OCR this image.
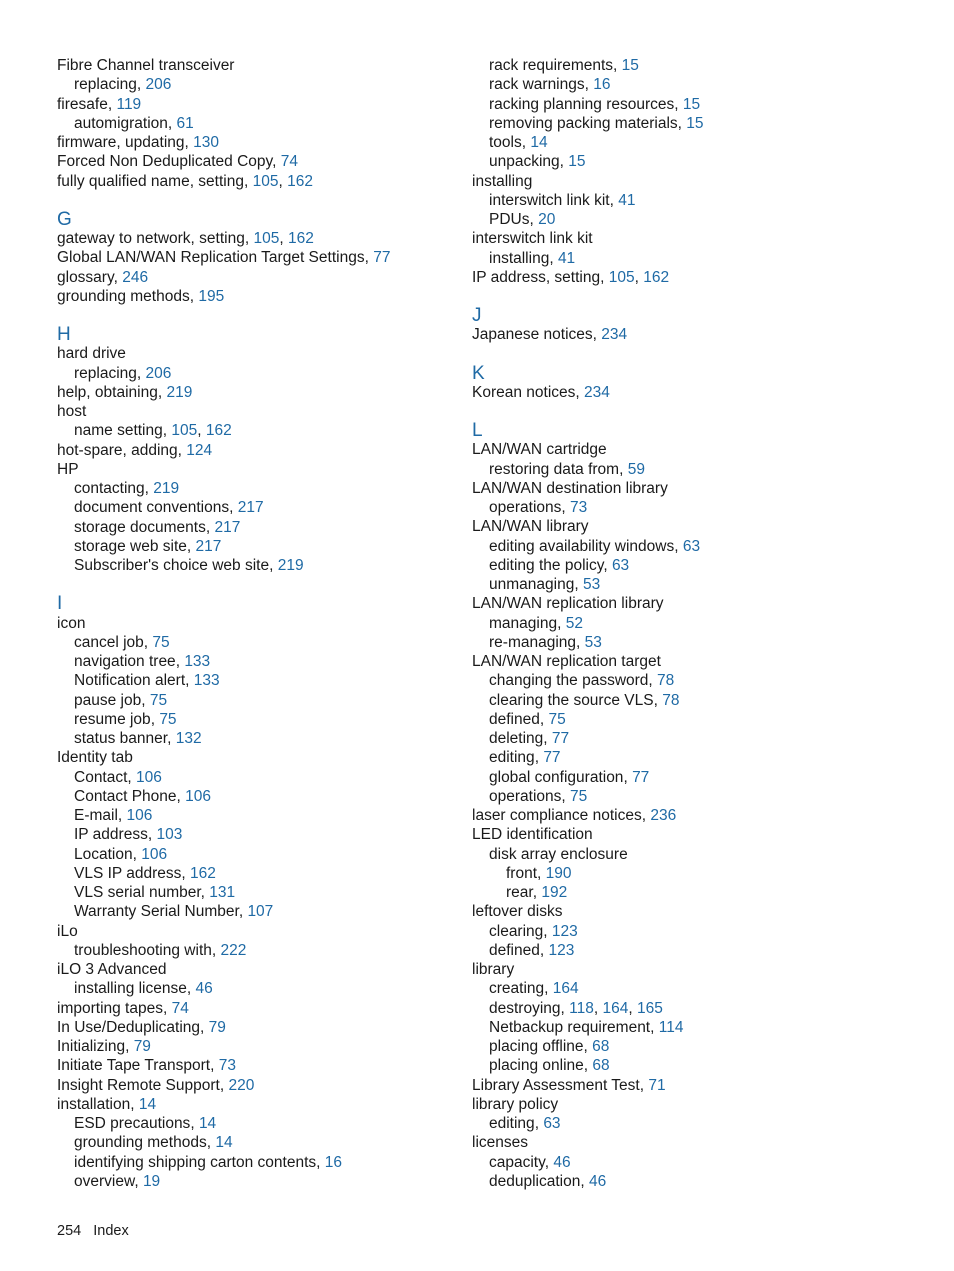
Fibre Channel transceiver
replacing, 206
firesafe, 119
automigration, 61
firmware, updating, 130
Forced Non Deduplicated Copy, 74
fully qualified name, setting, 105, 162
G
gateway to network, setting, 105, 162
Global LAN/WAN Replication Target Settings, 77
glossary, 246
grounding methods, 195
H
hard drive
replacing, 206
help, obtaining, 219
host
name setting, 105, 162
hot-spare, adding, 124
HP
contacting, 219
document conventions, 217
storage documents, 217
storage web site, 217
Subscriber's choice web site, 219
I
icon
cancel job, 75
navigation tree, 133
Notification alert, 133
pause job, 75
resume job, 75
status banner, 132
Identity tab
Contact, 106
Contact Phone, 106
E-mail, 106
IP address, 103
Location, 106
VLS IP address, 162
VLS serial number, 131
Warranty Serial Number, 107
iLo
troubleshooting with, 222
iLO 3 Advanced
installing license, 46
importing tapes, 74
In Use/Deduplicating, 79
Initializing, 79
Initiate Tape Transport, 73
Insight Remote Support, 220
installation, 14
ESD precautions, 14
grounding methods, 14
identifying shipping carton contents, 16
overview, 19
rack requirements, 15
rack warnings, 16
racking planning resources, 15
removing packing materials, 15
tools, 14
unpacking, 15
installing
interswitch link kit, 41
PDUs, 20
interswitch link kit
installing, 41
IP address, setting, 105, 162
J
Japanese notices, 234
K
Korean notices, 234
L
LAN/WAN cartridge
restoring data from, 59
LAN/WAN destination library
operations, 73
LAN/WAN library
editing availability windows, 63
editing the policy, 63
unmanaging, 53
LAN/WAN replication library
managing, 52
re-managing, 53
LAN/WAN replication target
changing the password, 78
clearing the source VLS, 78
defined, 75
deleting, 77
editing, 77
global configuration, 77
operations, 75
laser compliance notices, 236
LED identification
disk array enclosure
front, 190
rear, 192
leftover disks
clearing, 123
defined, 123
library
creating, 164
destroying, 118, 164, 165
Netbackup requirement, 114
placing offline, 68
placing online, 68
Library Assessment Test, 71
library policy
editing, 63
licenses
capacity, 46
deduplication, 46
254 Index
